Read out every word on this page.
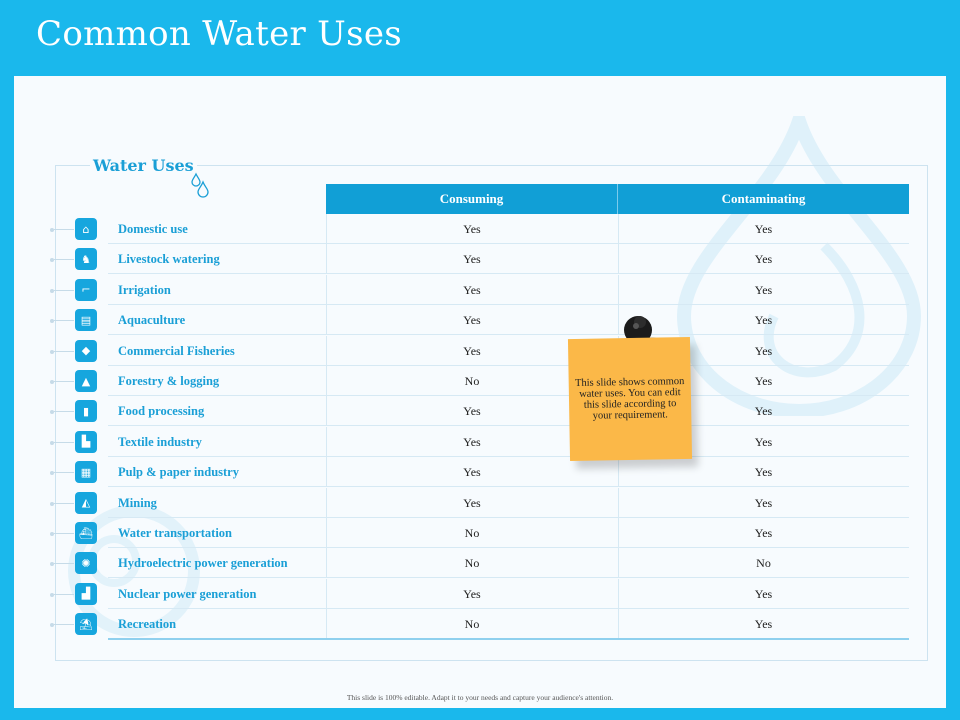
Common Water Uses
Water Uses
Consuming	Contaminating
⌂ Domestic use	Yes	Yes
♞ Livestock watering	Yes	Yes
⌐ Irrigation	Yes	Yes
▤ Aquaculture	Yes	Yes
◆ Commercial Fisheries	Yes	Yes
▲ Forestry & logging	No	Yes
▮ Food processing	Yes	Yes
▙ Textile industry	Yes	Yes
▦ Pulp & paper industry	Yes	Yes
◭ Mining	Yes	Yes
⛴ Water transportation	No	Yes
✺ Hydroelectric power generation	No	No
▟ Nuclear power generation	Yes	Yes
⛱ Recreation	No	Yes
This slide shows common water uses. You can edit this slide according to your requirement.
This slide is 100% editable. Adapt it to your needs and capture your audience's attention.
